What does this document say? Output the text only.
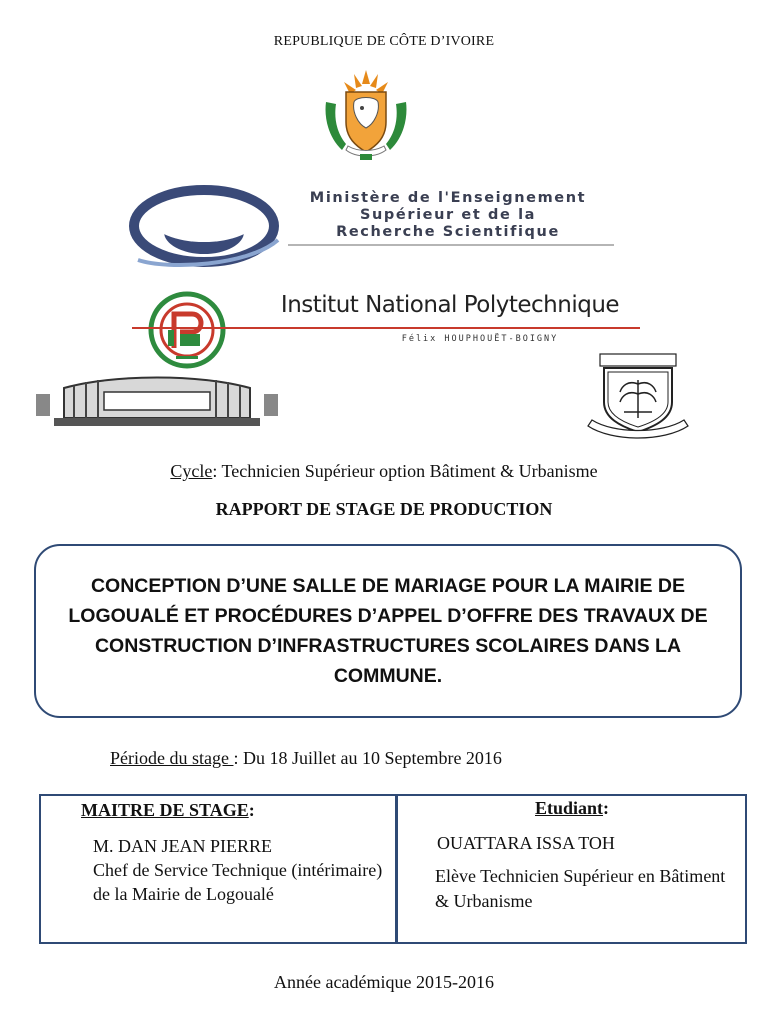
REPUBLIQUE DE CÔTE D’IVOIRE
Ministère de l'Enseignement
Supérieur et de la
Recherche Scientifique
Institut National Polytechnique
Félix HOUPHOUËT-BOIGNY
Cycle: Technicien Supérieur option Bâtiment & Urbanisme
RAPPORT DE STAGE DE PRODUCTION
CONCEPTION D’UNE SALLE DE MARIAGE POUR LA MAIRIE DE LOGOUALÉ ET PROCÉDURES D’APPEL D’OFFRE DES TRAVAUX DE CONSTRUCTION D’INFRASTRUCTURES SCOLAIRES DANS LA COMMUNE.
Période du stage : Du 18 Juillet au 10 Septembre 2016
MAITRE DE STAGE:
M. DAN JEAN PIERRE
Chef de Service Technique (intérimaire) de la Mairie de Logoualé
Etudiant:
OUATTARA ISSA TOH
Elève Technicien Supérieur en Bâtiment & Urbanisme
Année académique 2015-2016
